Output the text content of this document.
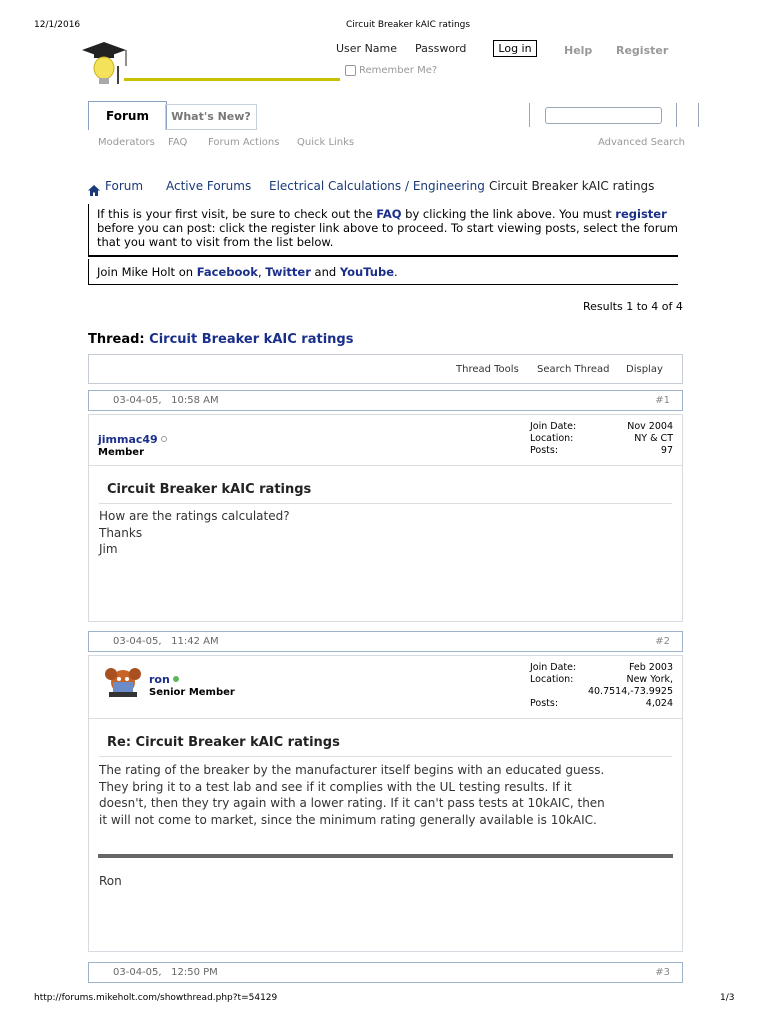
12/1/2016	Circuit Breaker kAIC ratings
User Name Password	Log in	Help Register
Remember Me?
Forum	What's New?
Moderators FAQ Forum Actions Quick Links	Advanced Search
Forum Active Forums Electrical Calculations / Engineering Circuit Breaker kAIC ratings
If this is your first visit, be sure to check out the FAQ by clicking the link above. You must register before you can post: click the register link above to proceed. To start viewing posts, select the forum that you want to visit from the list below.
Join Mike Holt on Facebook, Twitter and YouTube.
Results 1 to 4 of 4
Thread: Circuit Breaker kAIC ratings
Thread Tools Search Thread Display
03-04-05, 10:58 AM	#1
jimmac49
Member
Join Date:	Nov 2004
Location:	NY & CT
Posts:	97
Circuit Breaker kAIC ratings
How are the ratings calculated?
Thanks
Jim
03-04-05, 11:42 AM	#2
ron
Senior Member
Join Date:	Feb 2003
Location:	New York,
40.7514,-73.9925
Posts:	4,024
Re: Circuit Breaker kAIC ratings
The rating of the breaker by the manufacturer itself begins with an educated guess.
They bring it to a test lab and see if it complies with the UL testing results. If it
doesn't, then they try again with a lower rating. If it can't pass tests at 10kAIC, then
it will not come to market, since the minimum rating generally available is 10kAIC.
Ron
03-04-05, 12:50 PM	#3
http://forums.mikeholt.com/showthread.php?t=54129	1/3
